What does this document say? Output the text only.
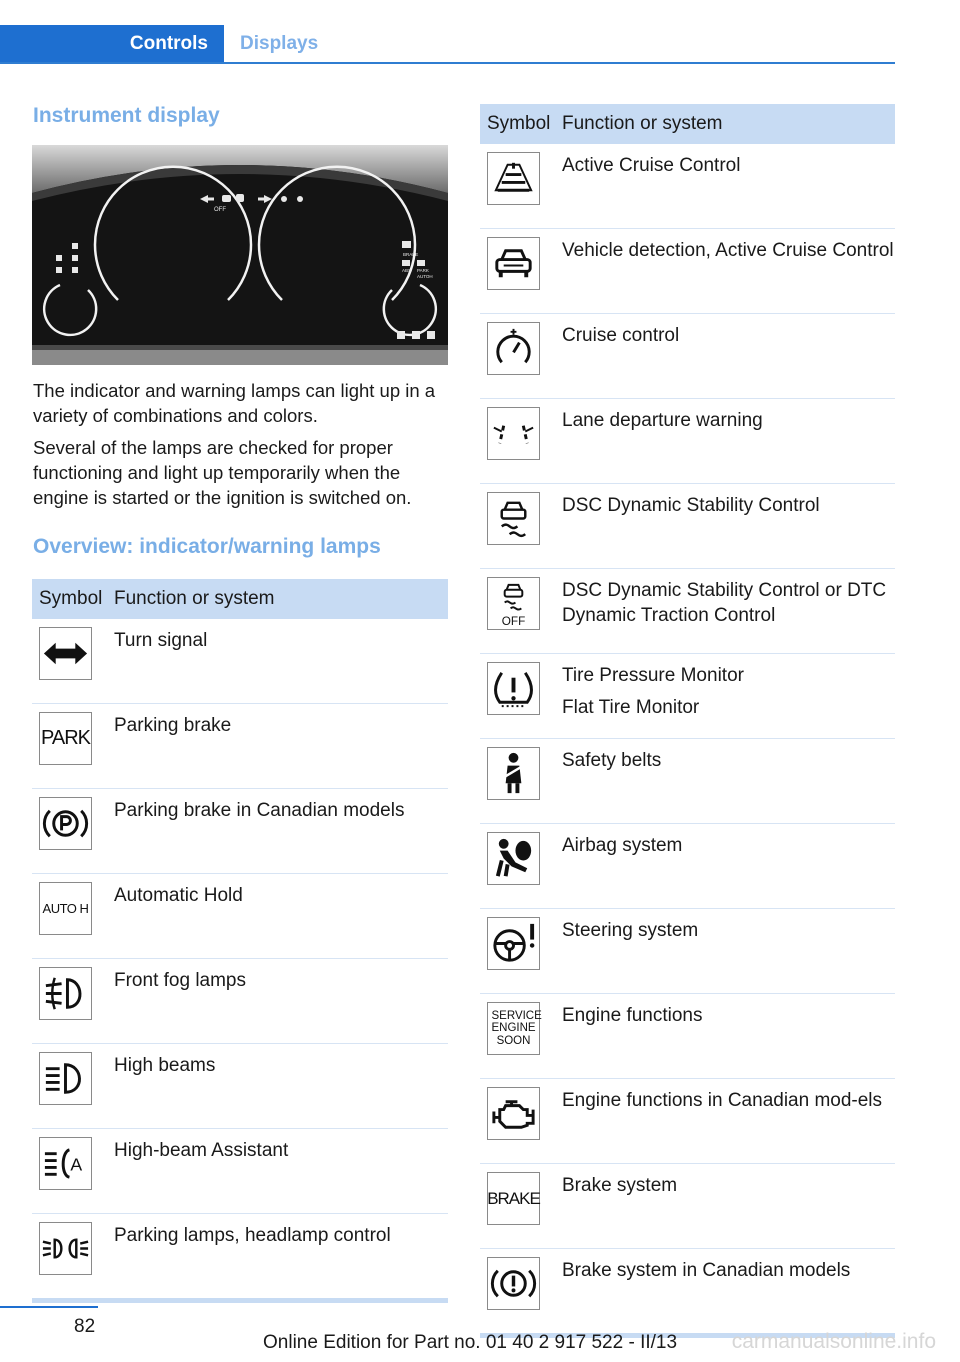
Controls	Displays
Instrument display
OFF
BRAKE
ABS PARK
AUTOH

The indicator and warning lamps can light up in a variety of combinations and colors.

Several of the lamps are checked for proper functioning and light up temporarily when the engine is started or the ignition is switched on.

Overview: indicator/warning lamps
Symbol	Function or system

	Turn signal

PARK	Parking brake

	Parking brake in Canadian models

AUTO H	Automatic Hold

	Front fog lamps

	High beams

A	High-beam Assistant

	Parking lamps, headlamp control
Symbol	Function or system

	Active Cruise Control

	Vehicle detection, Active Cruise Control

	Cruise control

	Lane departure warning

	DSC Dynamic Stability Control

OFF	DSC Dynamic Stability Control or DTC Dynamic Traction Control

	Tire Pressure Monitor
Flat Tire Monitor

	Safety belts

	Airbag system

	Steering system

SERVICE ENGINE SOON	Engine functions

	Engine functions in Canadian mod-els

BRAKE	Brake system

	Brake system in Canadian models
82
Online Edition for Part no. 01 40 2 917 522 - II/13	carmanualsonline.info
